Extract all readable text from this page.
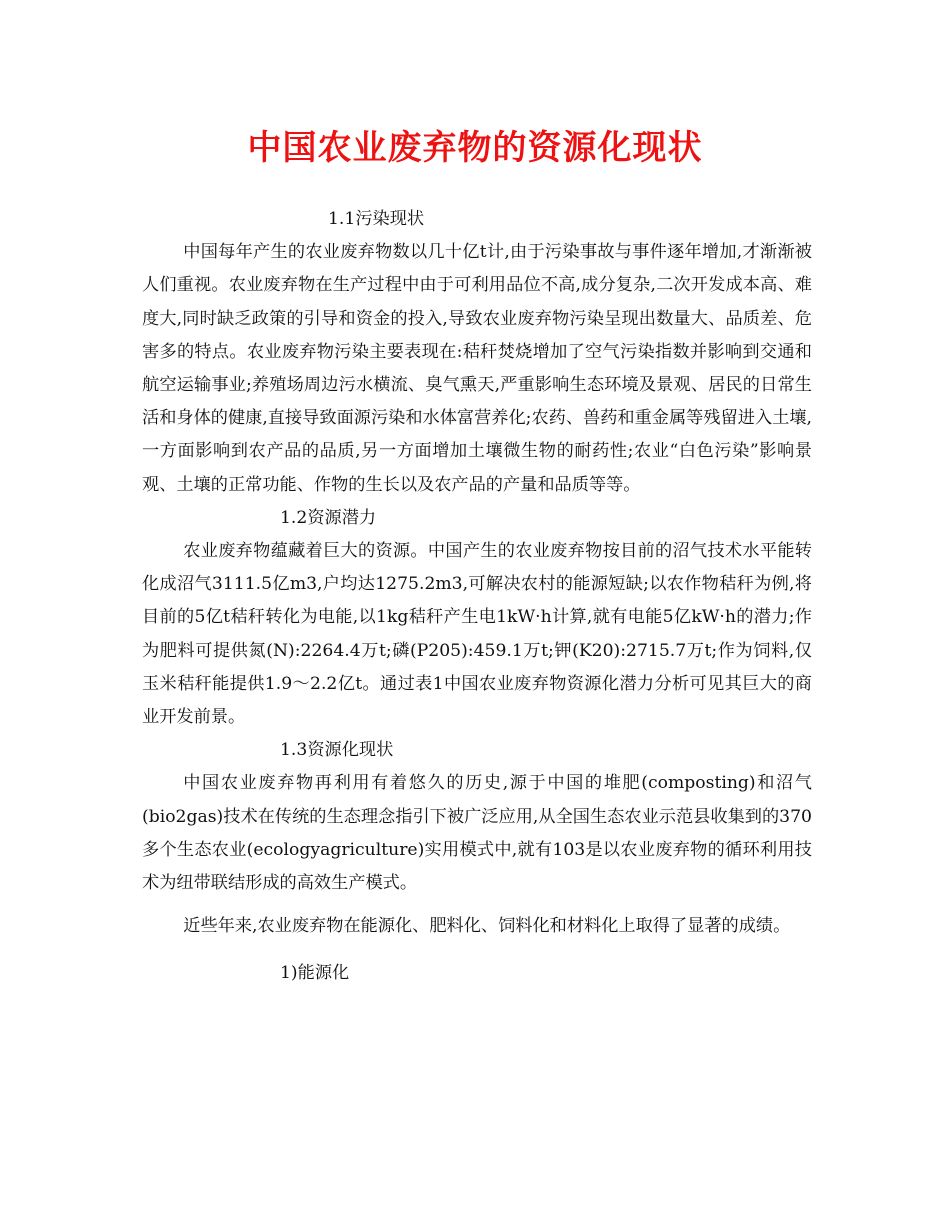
中国农业废弃物的资源化现状

1.1污染现状

中国每年产生的农业废弃物数以几十亿t计,由于污染事故与事件逐年增加,才渐渐被人们重视。农业废弃物在生产过程中由于可利用品位不高,成分复杂,二次开发成本高、难度大,同时缺乏政策的引导和资金的投入,导致农业废弃物污染呈现出数量大、品质差、危害多的特点。农业废弃物污染主要表现在:秸秆焚烧增加了空气污染指数并影响到交通和航空运输事业;养殖场周边污水横流、臭气熏天,严重影响生态环境及景观、居民的日常生活和身体的健康,直接导致面源污染和水体富营养化;农药、兽药和重金属等残留进入土壤,一方面影响到农产品的品质,另一方面增加土壤微生物的耐药性;农业“白色污染”影响景观、土壤的正常功能、作物的生长以及农产品的产量和品质等等。

1.2资源潜力

农业废弃物蕴藏着巨大的资源。中国产生的农业废弃物按目前的沼气技术水平能转化成沼气3111.5亿m3,户均达1275.2m3,可解决农村的能源短缺;以农作物秸秆为例,将目前的5亿t秸秆转化为电能,以1kg秸秆产生电1kW·h计算,就有电能5亿kW·h的潜力;作为肥料可提供氮(N):2264.4万t;磷(P205):459.1万t;钾(K20):2715.7万t;作为饲料,仅玉米秸秆能提供1.9～2.2亿t。通过表1中国农业废弃物资源化潜力分析可见其巨大的商业开发前景。

1.3资源化现状

中国农业废弃物再利用有着悠久的历史,源于中国的堆肥(composting)和沼气(bio2gas)技术在传统的生态理念指引下被广泛应用,从全国生态农业示范县收集到的370多个生态农业(ecologyagriculture)实用模式中,就有103是以农业废弃物的循环利用技术为纽带联结形成的高效生产模式。

近些年来,农业废弃物在能源化、肥料化、饲料化和材料化上取得了显著的成绩。

1)能源化
